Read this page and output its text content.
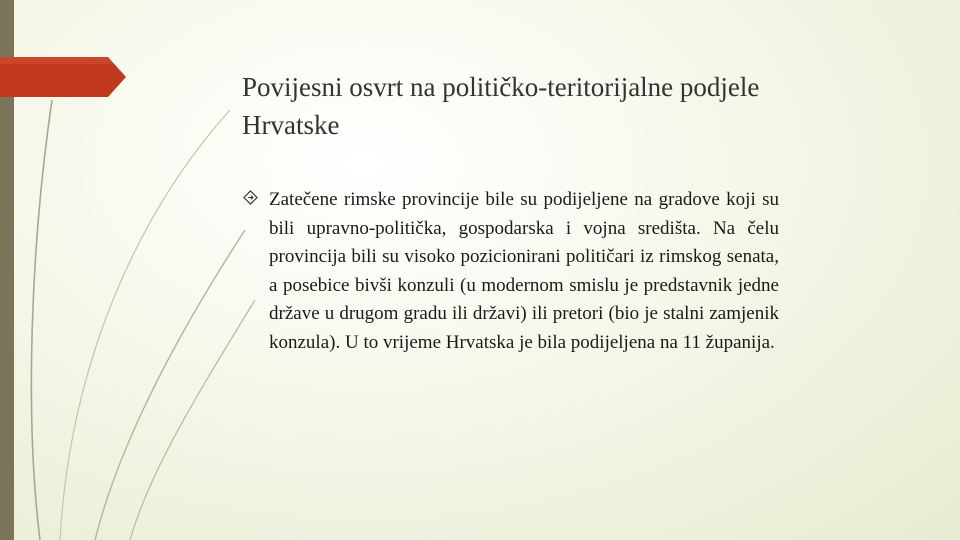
Povijesni osvrt na političko-teritorijalne podjele Hrvatske

Zatečene rimske provincije bile su podijeljene na gradove koji su bili upravno-politička, gospodarska i vojna središta. Na čelu provincija bili su visoko pozicionirani političari iz rimskog senata, a posebice bivši konzuli (u modernom smislu je predstavnik jedne države u drugom gradu ili državi) ili pretori (bio je stalni zamjenik konzula). U to vrijeme Hrvatska je bila podijeljena na 11 županija.
